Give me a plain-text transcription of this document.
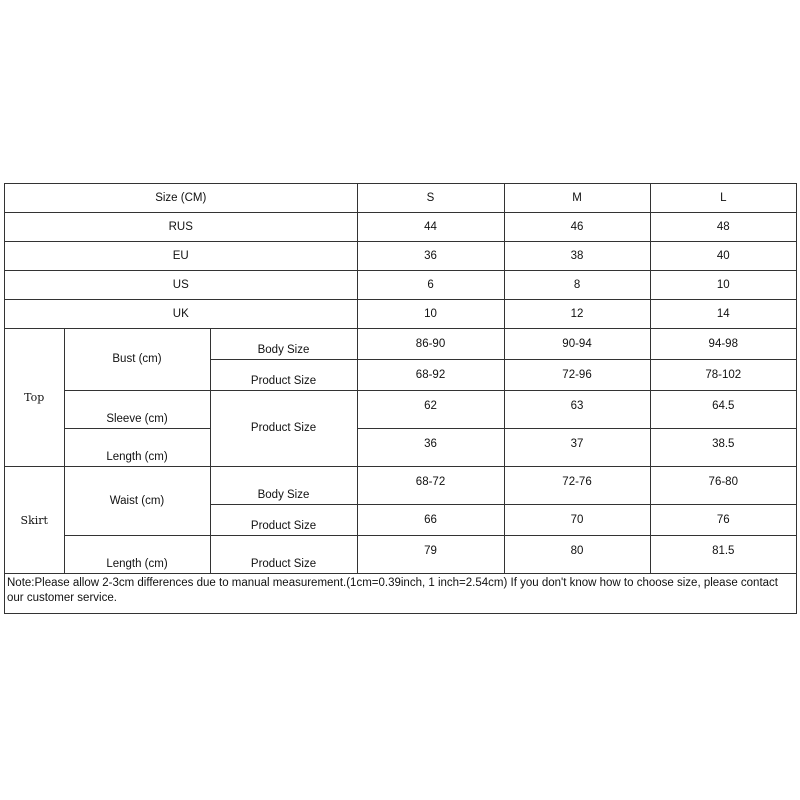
Size (CM)			S	M	L
RUS			44	46	48
EU			36	38	40
US			6	8	10
UK			10	12	14
Top	Bust (cm)	Body Size	86-90	90-94	94-98
		Product Size	68-92	72-96	78-102
	Sleeve (cm)	Product Size	62	63	64.5
	Length (cm)		36	37	38.5
Skirt	Waist (cm)	Body Size	68-72	72-76	76-80
		Product Size	66	70	76
	Length (cm)	Product Size	79	80	81.5
Note:Please allow 2-3cm differences due to manual measurement.(1cm=0.39inch, 1 inch=2.54cm) If you don't know how to choose size, please contact our customer service.
